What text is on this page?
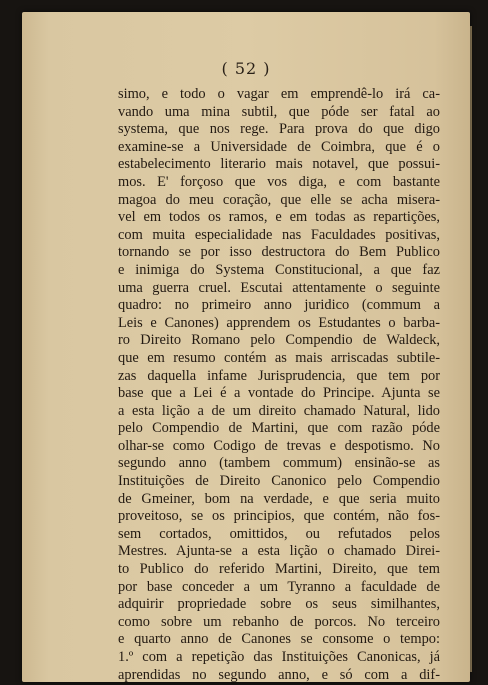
( 52 )
simo, e todo o vagar em emprendê-lo irá ca-
vando uma mina subtil, que póde ser fatal ao
systema, que nos rege. Para prova do que digo
examine-se a Universidade de Coimbra, que é o
estabelecimento literario mais notavel, que possui-
mos. E' forçoso que vos diga, e com bastante
magoa do meu coração, que elle se acha misera-
vel em todos os ramos, e em todas as repartições,
com muita especialidade nas Faculdades positivas,
tornando se por isso destructora do Bem Publico
e inimiga do Systema Constitucional, a que faz
uma guerra cruel. Escutai attentamente o seguinte
quadro: no primeiro anno juridico (commum a
Leis e Canones) apprendem os Estudantes o barba-
ro Direito Romano pelo Compendio de Waldeck,
que em resumo contém as mais arriscadas subtile-
zas daquella infame Jurisprudencia, que tem por
base que a Lei é a vontade do Principe. Ajunta se
a esta lição a de um direito chamado Natural, lido
pelo Compendio de Martini, que com razão póde
olhar-se como Codigo de trevas e despotismo. No
segundo anno (tambem commum) ensinão-se as
Instituições de Direito Canonico pelo Compendio
de Gmeiner, bom na verdade, e que seria muito
proveitoso, se os principios, que contém, não fos-
sem cortados, omittidos, ou refutados pelos
Mestres. Ajunta-se a esta lição o chamado Direi-
to Publico do referido Martini, Direito, que tem
por base conceder a um Tyranno a faculdade de
adquirir propriedade sobre os seus similhantes,
como sobre um rebanho de porcos. No terceiro
e quarto anno de Canones se consome o tempo:
1.º com a repetição das Instituições Canonicas, já
aprendidas no segundo anno, e só com a dif-
